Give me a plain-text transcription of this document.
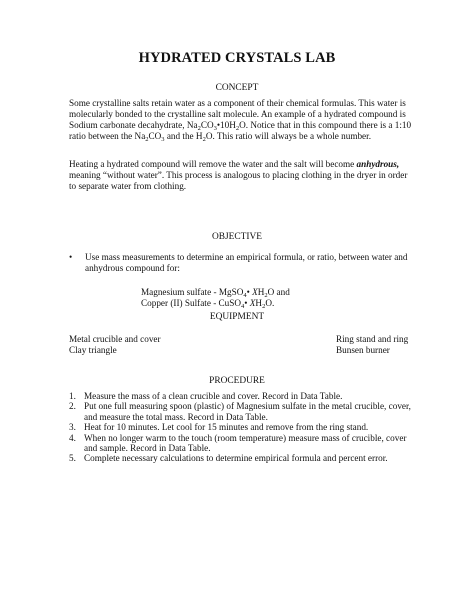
HYDRATED CRYSTALS LAB
CONCEPT

Some crystalline salts retain water as a component of their chemical formulas. This water is

molecularly bonded to the crystalline salt molecule. An example of a hydrated compound is

Sodium carbonate decahydrate, $Na_2CO_3•10H_2O$. Notice that in this compound there is a 1:10

ratio between the $Na_2CO_3$ and the $H_2O$. This ratio will always be a whole number.

Heating a hydrated compound will remove the water and the salt will become anhydrous,

meaning “without water”. This process is analogous to placing clothing in the dryer in order

to separate water from clothing.

OBJECTIVE
•	Use mass measurements to determine an empirical formula, or ratio, between water and
anhydrous compound for:
Magnesium sulfate - MgSO$_4$• $XH_2O$ and
Copper (II) Sulfate - CuSO$_4$• $XH_2O$.
EQUIPMENT
Metal crucible and cover
Clay triangle
Ring stand and ring
Bunsen burner
PROCEDURE
1. Measure the mass of a clean crucible and cover. Record in Data Table.
2. Put one full measuring spoon (plastic) of Magnesium sulfate in the metal crucible, cover,
and measure the total mass. Record in Data Table.
3. Heat for 10 minutes. Let cool for 15 minutes and remove from the ring stand.
4. When no longer warm to the touch (room temperature) measure mass of crucible, cover
and sample. Record in Data Table.
5. Complete necessary calculations to determine empirical formula and percent error.
